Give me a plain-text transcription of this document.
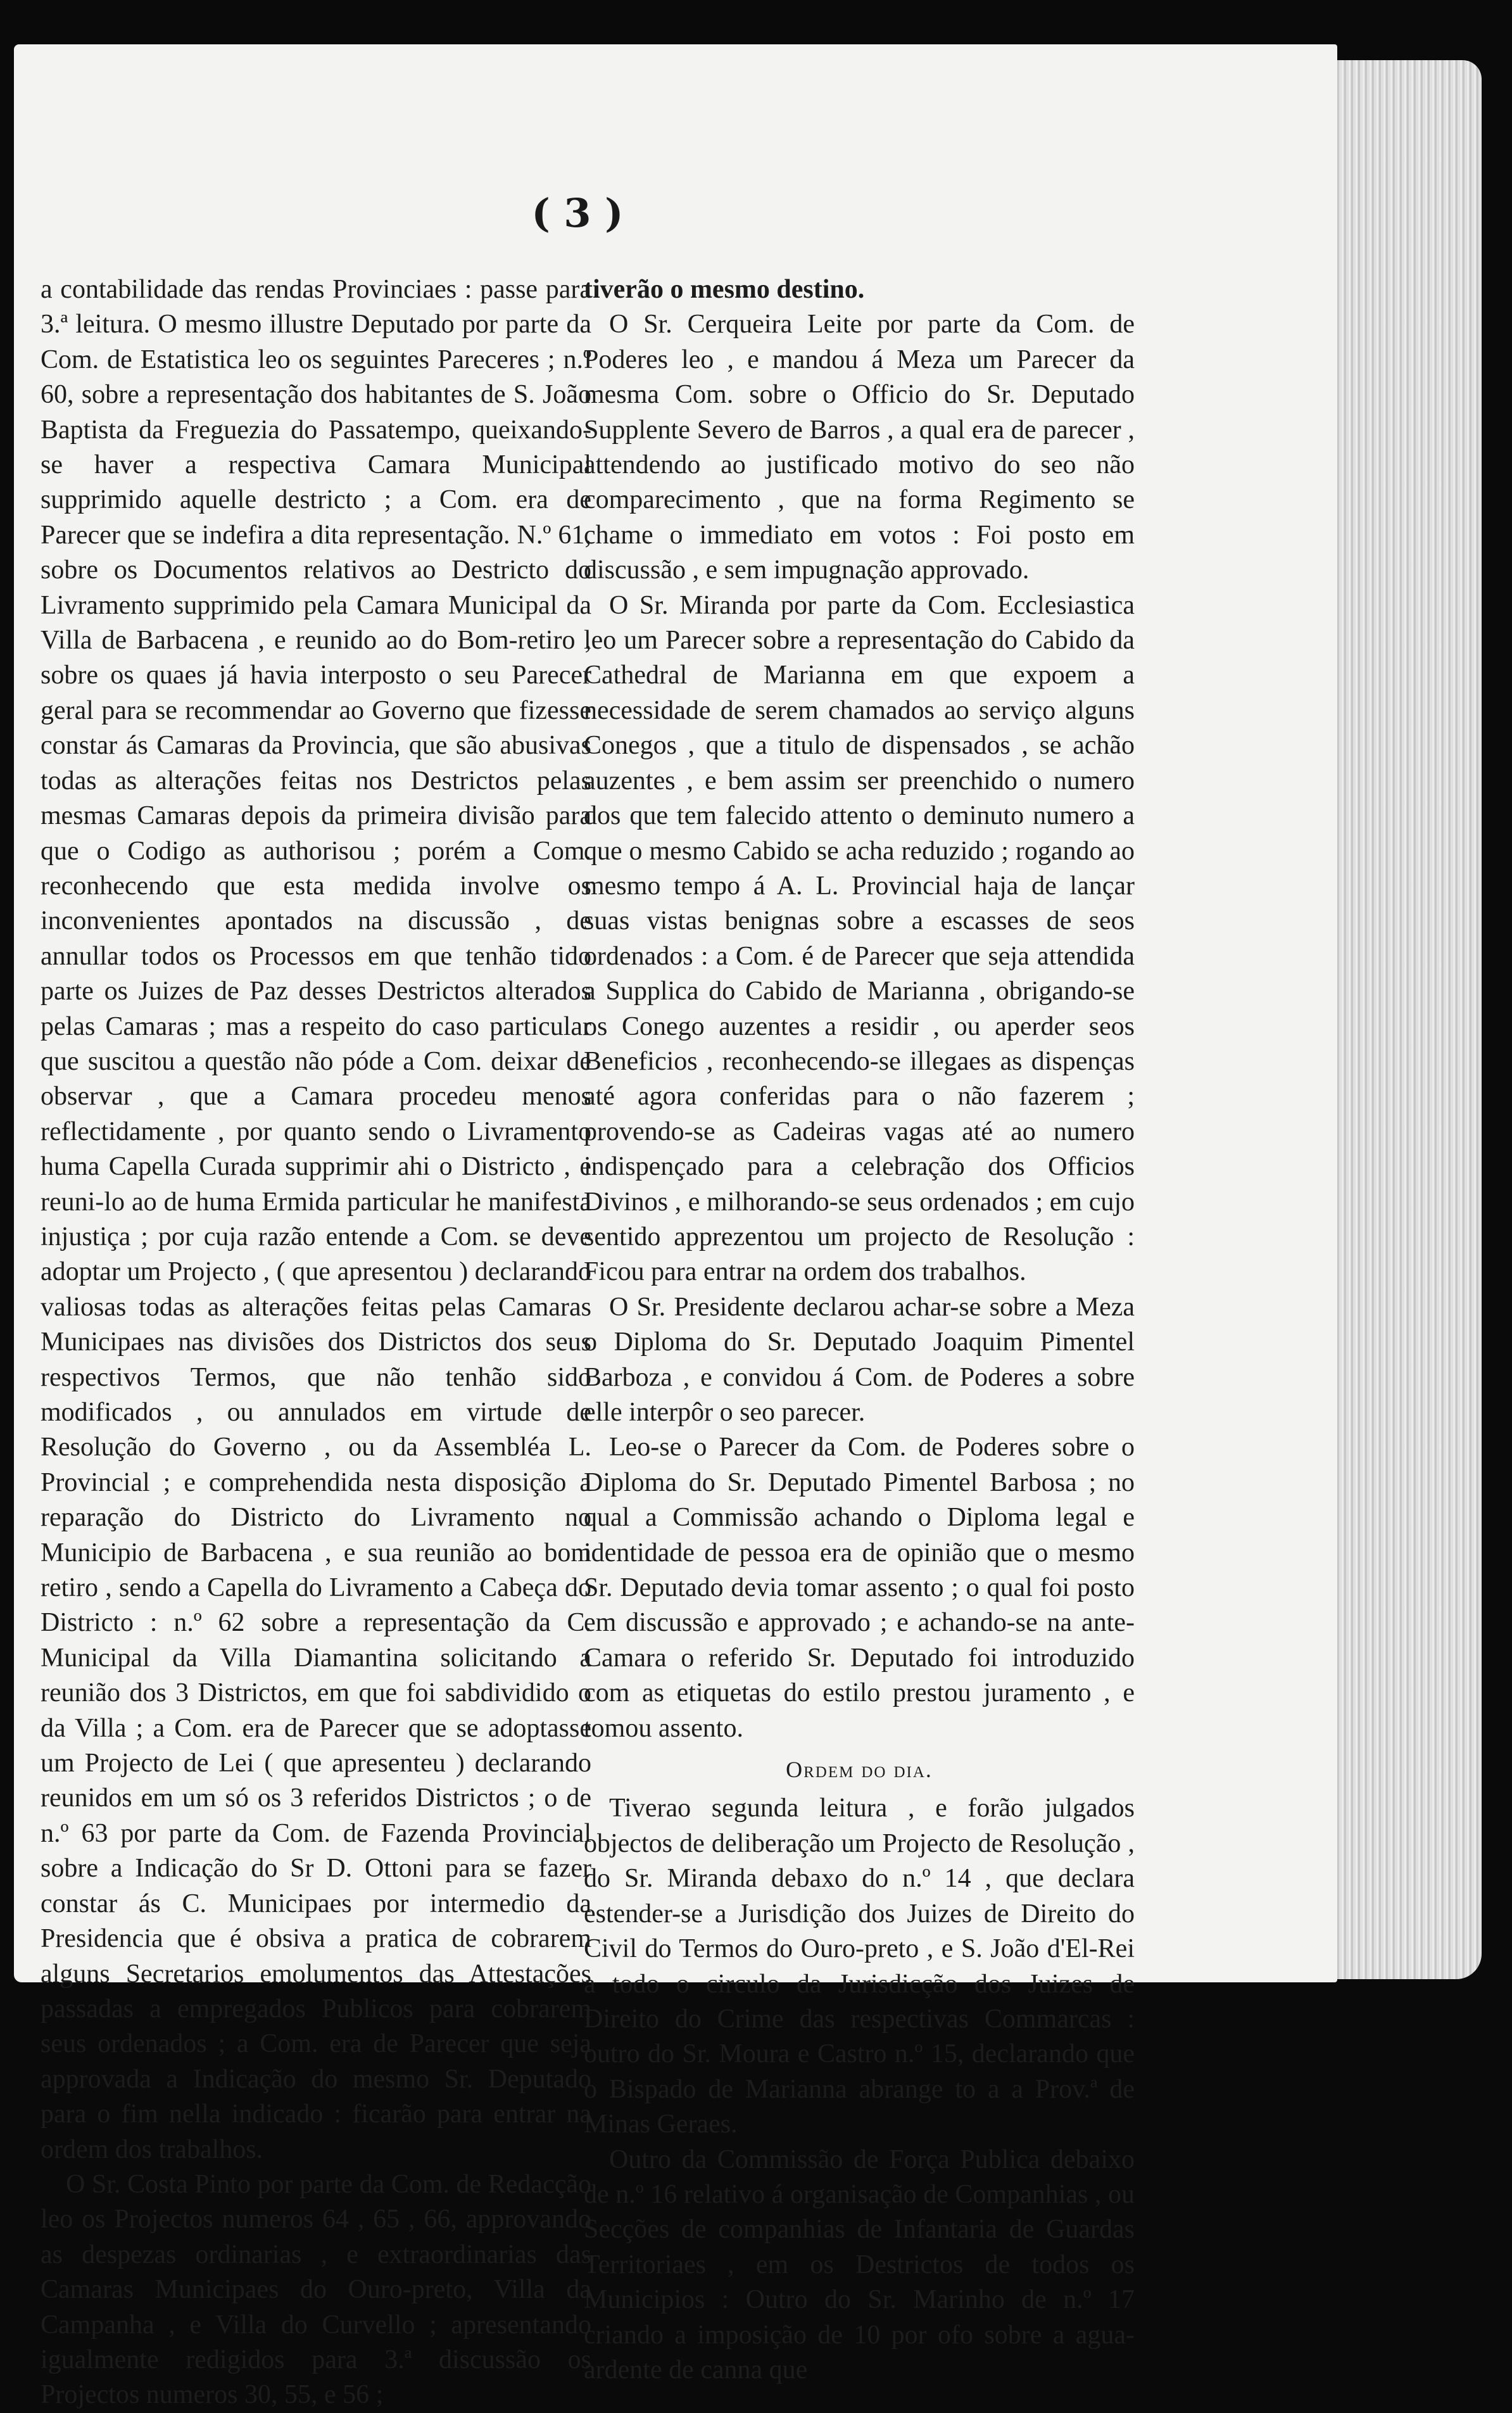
( 3 )

a contabilidade das rendas Provinciaes : passe para 3.ª leitura. O mesmo illustre Deputado por parte da Com. de Estatistica leo os seguintes Pareceres ; n.º 60, sobre a representação dos habitantes de S. João Baptista da Freguezia do Passatempo, queixando-se haver a respectiva Camara Municipal supprimido aquelle destricto ; a Com. era de Parecer que se indefira a dita representação. N.º 61, sobre os Documentos relativos ao Destricto do Livramento supprimido pela Camara Municipal da Villa de Barbacena , e reunido ao do Bom-retiro , sobre os quaes já havia interposto o seu Parecer geral para se recommendar ao Governo que fizesse constar ás Camaras da Provincia, que são abusivas todas as alterações feitas nos Destrictos pelas mesmas Camaras depois da primeira divisão para que o Codigo as authorisou ; porém a Com. reconhecendo que esta medida involve os inconvenientes apontados na discussão , de annullar todos os Processos em que tenhão tido parte os Juizes de Paz desses Destrictos alterados pelas Camaras ; mas a respeito do caso particular que suscitou a questão não póde a Com. deixar de observar , que a Camara procedeu menos reflectidamente , por quanto sendo o Livramento huma Capella Curada supprimir ahi o Districto , e reuni-lo ao de huma Ermida particular he manifesta injustiça ; por cuja razão entende a Com. se deve adoptar um Projecto , ( que apresentou ) declarando valiosas todas as alterações feitas pelas Camaras Municipaes nas divisões dos Districtos dos seus respectivos Termos, que não tenhão sido modificados , ou annulados em virtude de Resolução do Governo , ou da Assembléa L. Provincial ; e comprehendida nesta disposição a reparação do Districto do Livramento no Municipio de Barbacena , e sua reunião ao bom retiro , sendo a Capella do Livramento a Cabeça do Districto : n.º 62 sobre a representação da C. Municipal da Villa Diamantina solicitando a reunião dos 3 Districtos, em que foi sabdividido o da Villa ; a Com. era de Parecer que se adoptasse um Projecto de Lei ( que apresenteu ) declarando reunidos em um só os 3 referidos Districtos ; o de n.º 63 por parte da Com. de Fazenda Provincial sobre a Indicação do Sr D. Ottoni para se fazer constar ás C. Municipaes por intermedio da Presidencia que é obsiva a pratica de cobrarem alguns Secretarios emolumentos das Attestações passadas a empregados Publicos para cobrarem seus ordenados ; a Com. era de Parecer que seja approvada a Indicação do mesmo Sr. Deputado para o fim nella indicado : ficarão para entrar na ordem dos trabalhos.

O Sr. Costa Pinto por parte da Com. de Redacção leo os Projectos numeros 64 , 65 , 66, approvando as despezas ordinarias , e extraordinarias das Camaras Municipaes do Ouro-preto, Villa da Campanha , e Villa do Curvello ; apresentando igualmente redigidos para 3.ª discussão os Projectos numeros 30, 55, e 56 ;

tiverão o mesmo destino.

O Sr. Cerqueira Leite por parte da Com. de Poderes leo , e mandou á Meza um Parecer da mesma Com. sobre o Officio do Sr. Deputado Supplente Severo de Barros , a qual era de parecer , attendendo ao justificado motivo do seo não comparecimento , que na forma Regimento se chame o immediato em votos : Foi posto em discussão , e sem impugnação approvado.

O Sr. Miranda por parte da Com. Ecclesiastica leo um Parecer sobre a representação do Cabido da Cathedral de Marianna em que expoem a necessidade de serem chamados ao serviço alguns Conegos , que a titulo de dispensados , se achão auzentes , e bem assim ser preenchido o numero dos que tem falecido attento o deminuto numero a que o mesmo Cabido se acha reduzido ; rogando ao mesmo tempo á A. L. Provincial haja de lançar suas vistas benignas sobre a escasses de seos ordenados : a Com. é de Parecer que seja attendida a Supplica do Cabido de Marianna , obrigando-se os Conego auzentes a residir , ou aperder seos Beneficios , reconhecendo-se illegaes as dispenças até agora conferidas para o não fazerem ; provendo-se as Cadeiras vagas até ao numero indispençado para a celebração dos Officios Divinos , e milhorando-se seus ordenados ; em cujo sentido apprezentou um projecto de Resolução : Ficou para entrar na ordem dos trabalhos.

O Sr. Presidente declarou achar-se sobre a Meza o Diploma do Sr. Deputado Joaquim Pimentel Barboza , e convidou á Com. de Poderes a sobre elle interpôr o seo parecer.

Leo-se o Parecer da Com. de Poderes sobre o Diploma do Sr. Deputado Pimentel Barbosa ; no qual a Commissão achando o Diploma legal e identidade de pessoa era de opinião que o mesmo Sr. Deputado devia tomar assento ; o qual foi posto em discussão e approvado ; e achando-se na ante-Camara o referido Sr. Deputado foi introduzido com as etiquetas do estilo prestou juramento , e tomou assento.

Ordem do dia.

Tiverao segunda leitura , e forão julgados objectos de deliberação um Projecto de Resolução , do Sr. Miranda debaxo do n.º 14 , que declara estender-se a Jurisdição dos Juizes de Direito do Civil do Termos do Ouro-preto , e S. João d'El-Rei a todo o circulo da Jurisdicção dos Juizes de Direito do Crime das respectivas Commarcas : outro do Sr. Moura e Castro n.º 15, declarando que o Bispado de Marianna abrange to a a Prov.ª de Minas Geraes.

Outro da Commissão de Força Publica debaixo de n.º 16 relativo á organisação de Companhias , ou Secções de companhias de Infantaria de Guardas Territoriaes , em os Destrictos de todos os Municipios : Outro do Sr. Marinho de n.º 17 criando a imposição de 10 por ofo sobre a agua-ardente de canna que
